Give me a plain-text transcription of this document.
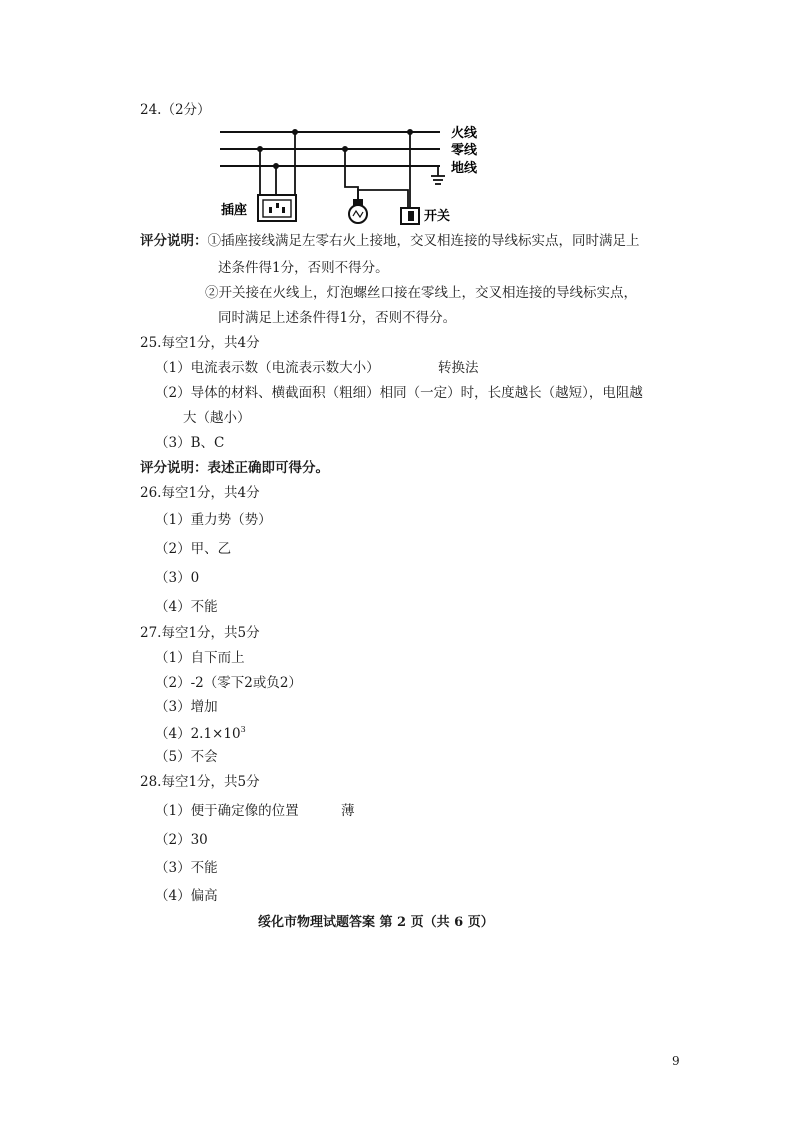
24.（2分）
火线
零线
地线
插座	开关
评分说明：①插座接线满足左零右火上接地，交叉相连接的导线标实点，同时满足上
述条件得1分，否则不得分。
②开关接在火线上，灯泡螺丝口接在零线上，交叉相连接的导线标实点，
同时满足上述条件得1分，否则不得分。
25.每空1分，共4分
（1）电流表示数（电流表示数大小）	转换法
（2）导体的材料、横截面积（粗细）相同（一定）时，长度越长（越短），电阻越
大（越小）
（3）B、C
评分说明：表述正确即可得分。
26.每空1分，共4分
（1）重力势（势）
（2）甲、乙
（3）0
（4）不能
27.每空1分，共5分
（1）自下而上
（2）-2（零下2或负2）
（3）增加
$(4)2.1\times 10^3$
（5）不会
28.每空1分，共5分
（1）便于确定像的位置	薄
（2）30
（3）不能
（4）偏高
绥化市物理试题答案 第 2 页（共 6 页）
9
